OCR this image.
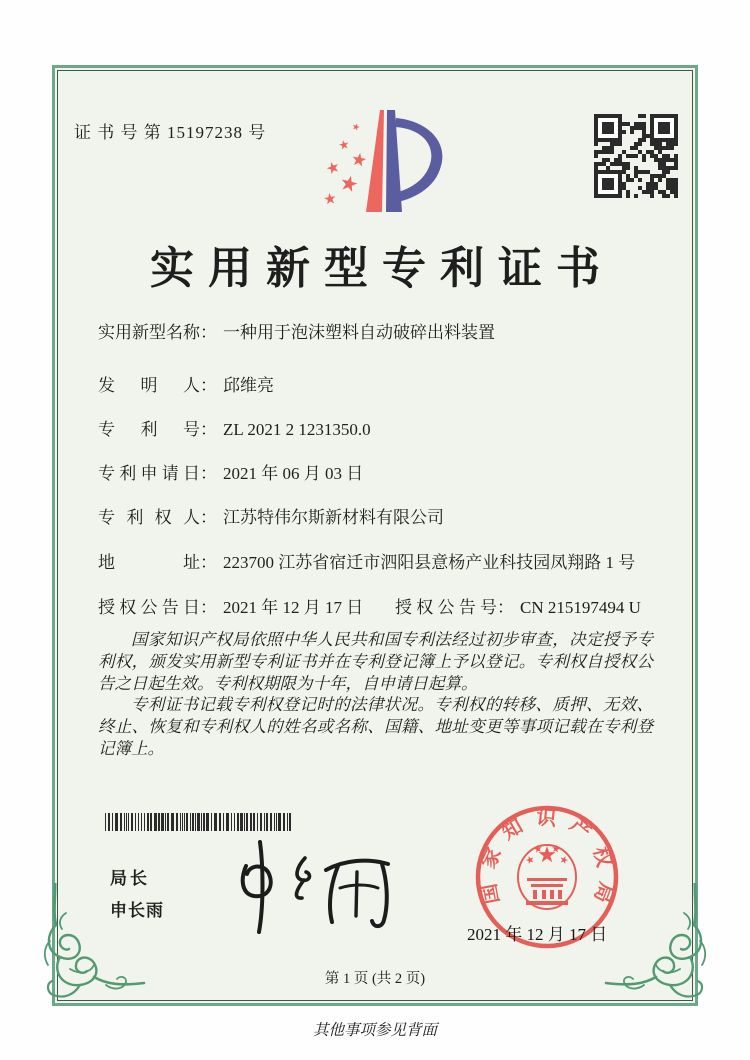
证 书 号 第 15197238 号
实用新型专利证书
实用新型名称 ： 一种用于泡沫塑料自动破碎出料装置
发明人 ： 邱维亮
专利号 ： ZL 2021 2 1231350.0
专利申请日 ： 2021 年 06 月 03 日
专利权人 ： 江苏特伟尔斯新材料有限公司
地址 ： 223700 江苏省宿迁市泗阳县意杨产业科技园凤翔路 1 号
授权公告日 ： 2021 年 12 月 17 日 授权公告号 ： CN 215197494 U

国家知识产权局依照中华人民共和国专利法经过初步审查，决定授予专利权，颁发实用新型专利证书并在专利登记簿上予以登记。专利权自授权公告之日起生效。专利权期限为十年，自申请日起算。

专利证书记载专利权登记时的法律状况。专利权的转移、质押、无效、终止、恢复和专利权人的姓名或名称、国籍、地址变更等事项记载在专利登记簿上。

局长
申长雨
国家知识产权局
2021 年 12 月 17 日
第 1 页 (共 2 页)
其他事项参见背面
